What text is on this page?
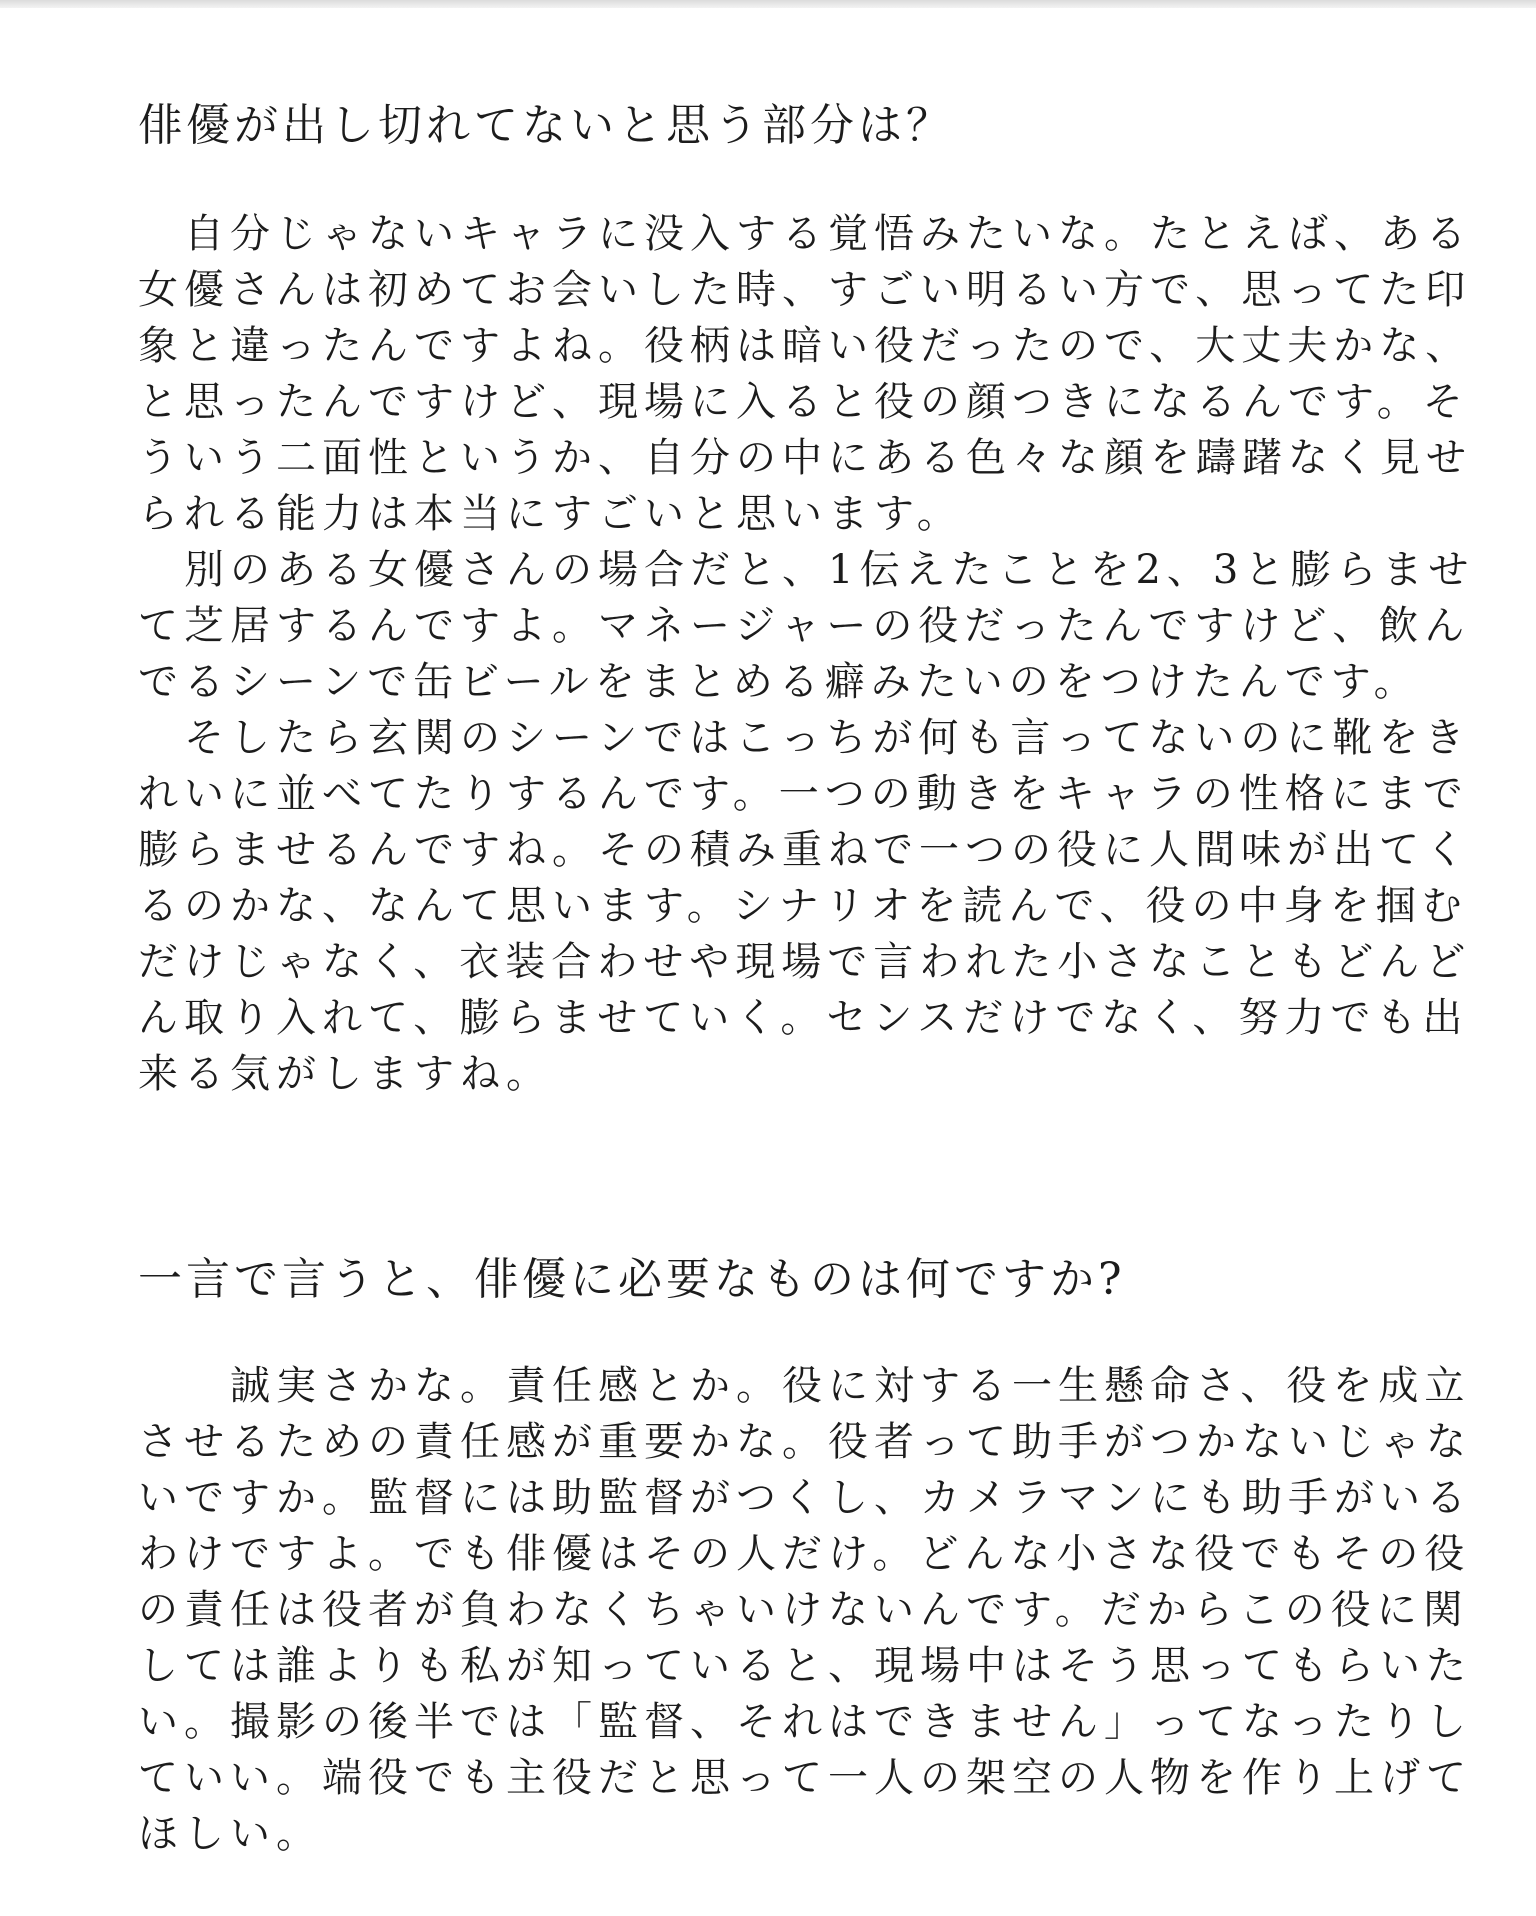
俳優が出し切れてないと思う部分は？
　自分じゃないキャラに没入する覚悟みたいな。たとえば、ある
女優さんは初めてお会いした時、すごい明るい方で、思ってた印
象と違ったんですよね。役柄は暗い役だったので、大丈夫かな、
と思ったんですけど、現場に入ると役の顔つきになるんです。そ
ういう二面性というか、自分の中にある色々な顔を躊躇なく見せ
られる能力は本当にすごいと思います。
　別のある女優さんの場合だと、1伝えたことを2、3と膨らませ
て芝居するんですよ。マネージャーの役だったんですけど、飲ん
でるシーンで缶ビールをまとめる癖みたいのをつけたんです。
　そしたら玄関のシーンではこっちが何も言ってないのに靴をき
れいに並べてたりするんです。一つの動きをキャラの性格にまで
膨らませるんですね。その積み重ねで一つの役に人間味が出てく
るのかな、なんて思います。シナリオを読んで、役の中身を掴む
だけじゃなく、衣装合わせや現場で言われた小さなこともどんど
ん取り入れて、膨らませていく。センスだけでなく、努力でも出
来る気がしますね。
一言で言うと、俳優に必要なものは何ですか?
　　誠実さかな。責任感とか。役に対する一生懸命さ、役を成立
させるための責任感が重要かな。役者って助手がつかないじゃな
いですか。監督には助監督がつくし、カメラマンにも助手がいる
わけですよ。でも俳優はその人だけ。どんな小さな役でもその役
の責任は役者が負わなくちゃいけないんです。だからこの役に関
しては誰よりも私が知っていると、現場中はそう思ってもらいた
い。撮影の後半では「監督、それはできません」ってなったりし
ていい。端役でも主役だと思って一人の架空の人物を作り上げて
ほしい。
